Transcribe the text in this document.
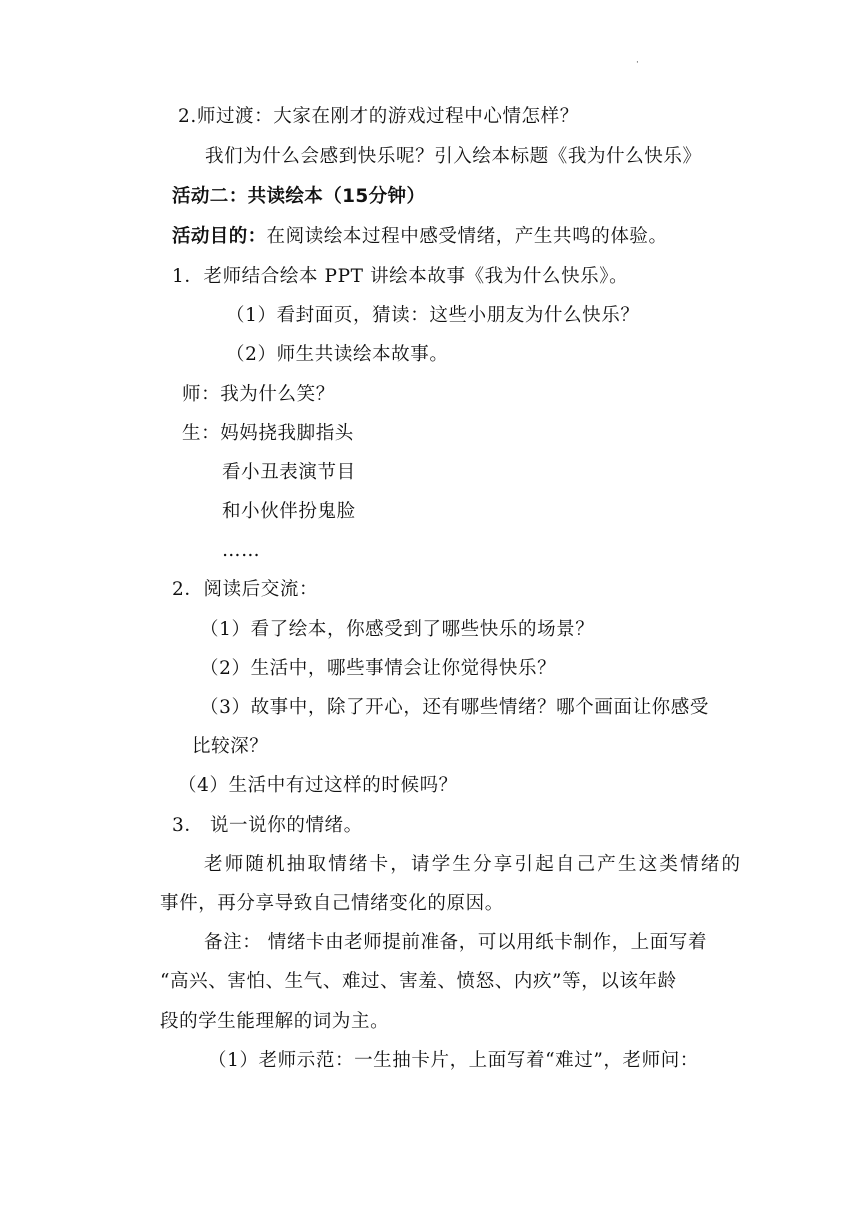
·
2.师过渡：大家在刚才的游戏过程中心情怎样？
我们为什么会感到快乐呢？引入绘本标题《我为什么快乐》
活动二：共读绘本（15分钟）
活动目的：在阅读绘本过程中感受情绪，产生共鸣的体验。
1．老师结合绘本 PPT 讲绘本故事《我为什么快乐》。
（1）看封面页，猜读：这些小朋友为什么快乐？
（2）师生共读绘本故事。
师：我为什么笑？
生：妈妈挠我脚指头
看小丑表演节目
和小伙伴扮鬼脸
……
2．阅读后交流：
（1）看了绘本，你感受到了哪些快乐的场景？
（2）生活中，哪些事情会让你觉得快乐？
（3）故事中，除了开心，还有哪些情绪？哪个画面让你感受
比较深？
（4）生活中有过这样的时候吗？
3． 说一说你的情绪。
老师随机抽取情绪卡，请学生分享引起自己产生这类情绪的
事件，再分享导致自己情绪变化的原因。
备注： 情绪卡由老师提前准备，可以用纸卡制作，上面写着
“高兴、害怕、生气、难过、害羞、愤怒、内疚”等，以该年龄
段的学生能理解的词为主。
（1）老师示范：一生抽卡片，上面写着“难过”，老师问：
